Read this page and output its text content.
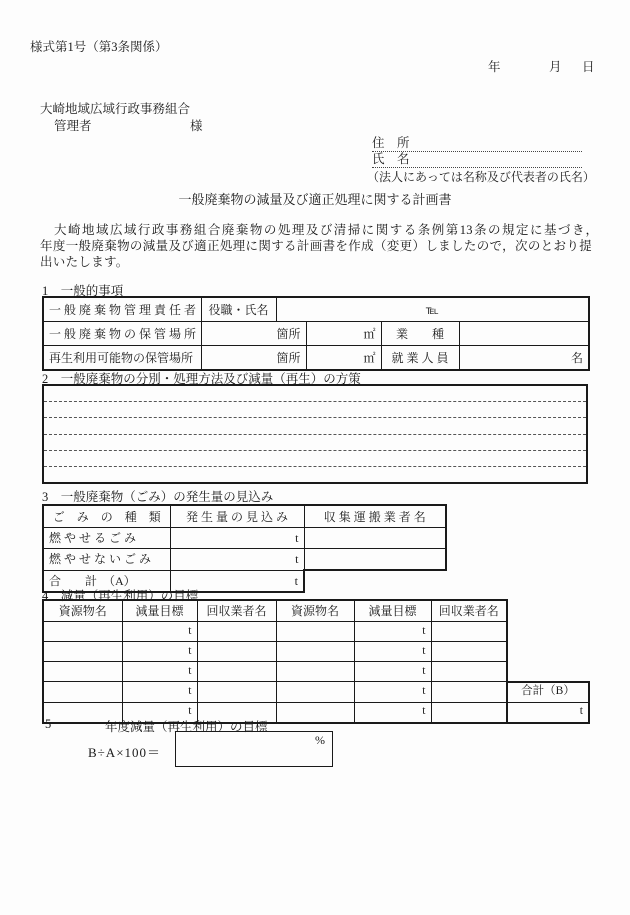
様式第1号（第3条関係）
年	月 日
大崎地域広域行政事務組合
管理者	様
住　所
氏　名
（法人にあっては名称及び代表者の氏名）
一般廃棄物の減量及び適正処理に関する計画書
　大崎地域広域行政事務組合廃棄物の処理及び清掃に関する条例第13条の規定に基づき，　　　年度一般廃棄物の減量及び適正処理に関する計画書を作成（変更）しましたので，次のとおり提出いたします。
1　一般的事項
一 般 廃 棄 物 管 理 責 任 者	役職・氏名	℡			
一 般 廃 棄 物 の 保 管 場 所	箇所		㎡	業　　種	
再生利用可能物の保管場所	箇所		㎡	就 業 人 員	名
2　一般廃棄物の分別・処理方法及び減量（再生）の方策
3　一般廃棄物（ごみ）の発生量の見込み
ご　み　の　種　類	発 生 量 の 見 込 み	収 集 運 搬 業 者 名
燃 や せ る ご み	t	
燃 や せ な い ご み	t	
合　　計　（A）	t	
4　減量（再生利用）の目標
資源物名	減量目標	回収業者名	資源物名	減量目標	回収業者名	
	t			t		
	t			t		
	t			t		
	t			t		合計（B）
	t			t		t
5	年度減量（再生利用）の目標
B÷A×100＝
%
